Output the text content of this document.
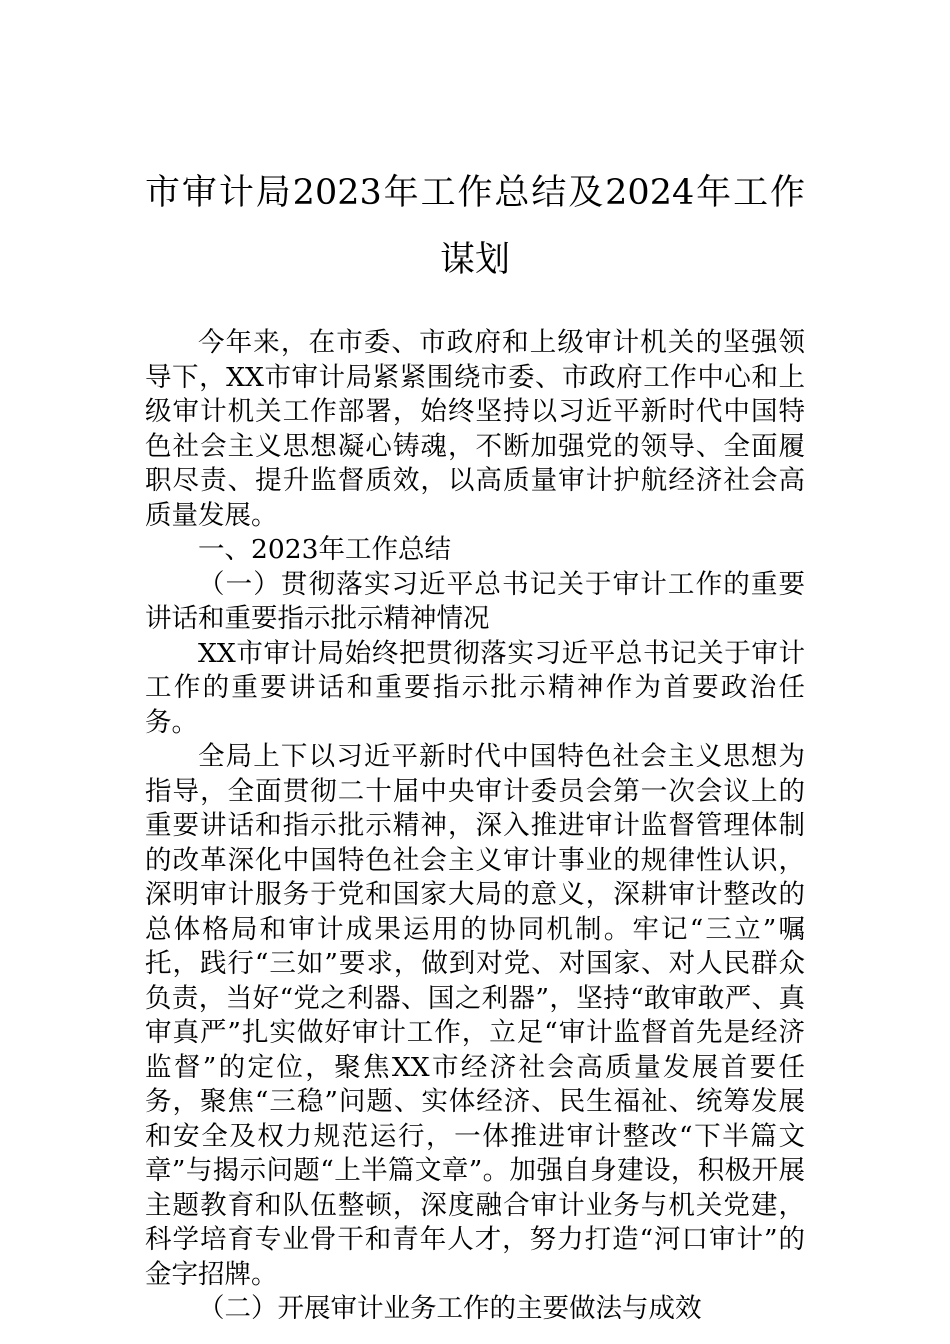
市审计局2023年工作总结及2024年工作谋划

今年来，在市委、市政府和上级审计机关的坚强领导下，XX市审计局紧紧围绕市委、市政府工作中心和上级审计机关工作部署，始终坚持以习近平新时代中国特色社会主义思想凝心铸魂，不断加强党的领导、全面履职尽责、提升监督质效，以高质量审计护航经济社会高质量发展。

一、2023年工作总结

（一）贯彻落实习近平总书记关于审计工作的重要讲话和重要指示批示精神情况

XX市审计局始终把贯彻落实习近平总书记关于审计工作的重要讲话和重要指示批示精神作为首要政治任务。

全局上下以习近平新时代中国特色社会主义思想为指导，全面贯彻二十届中央审计委员会第一次会议上的重要讲话和指示批示精神，深入推进审计监督管理体制的改革深化中国特色社会主义审计事业的规律性认识，深明审计服务于党和国家大局的意义，深耕审计整改的总体格局和审计成果运用的协同机制。牢记“三立”嘱托，践行“三如”要求，做到对党、对国家、对人民群众负责，当好“党之利器、国之利器”，坚持“敢审敢严、真审真严”扎实做好审计工作，立足“审计监督首先是经济监督”的定位，聚焦XX市经济社会高质量发展首要任务，聚焦“三稳”问题、实体经济、民生福祉、统筹发展和安全及权力规范运行，一体推进审计整改“下半篇文章”与揭示问题“上半篇文章”。加强自身建设，积极开展主题教育和队伍整顿，深度融合审计业务与机关党建，科学培育专业骨干和青年人才，努力打造“河口审计”的金字招牌。

（二）开展审计业务工作的主要做法与成效
